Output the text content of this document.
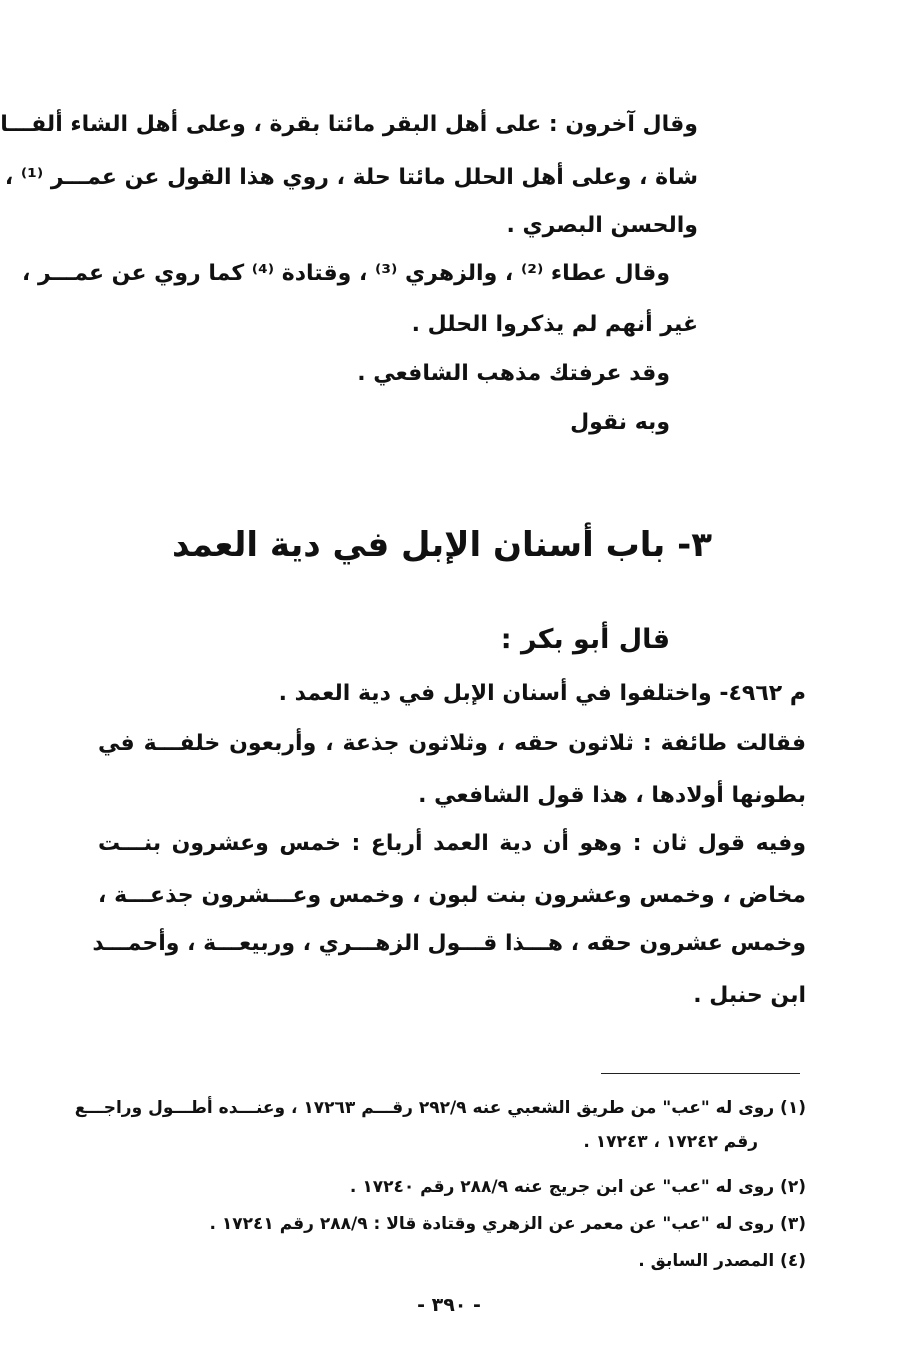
وقال آخرون : على أهل البقر مائتا بقرة ، وعلى أهل الشاء ألفـــا
شاة ، وعلى أهل الحلل مائتا حلة ، روي هذا القول عن عمـــر ⁽¹⁾ ،
والحسن البصري .
وقال عطاء ⁽²⁾ ، والزهري ⁽³⁾ ، وقتادة ⁽⁴⁾ كما روي عن عمـــر ،
غير أنهم لم يذكروا الحلل .
وقد عرفتك مذهب الشافعي .
وبه نقول
٣- باب أسنان الإبل في دية العمد
قال أبو بكر :
م ٤٩٦٢- واختلفوا في أسنان الإبل في دية العمد .
فقالت طائفة : ثلاثون حقه ، وثلاثون جذعة ، وأربعون خلفـــة في
بطونها أولادها ، هذا قول الشافعي .
وفيه قول ثان : وهو أن دية العمد أرباع : خمس وعشرون بنـــت
مخاض ، وخمس وعشرون بنت لبون ، وخمس وعـــشرون جذعـــة ،
وخمس عشرون حقه ، هـــذا قـــول الزهـــري ، وربيعـــة ، وأحمـــد
ابن حنبل .
(١) روى له "عب" من طريق الشعبي عنه ٢٩٢/٩ رقـــم ١٧٢٦٣ ، وعنـــده أطـــول وراجـــع
رقم ١٧٢٤٢ ، ١٧٢٤٣ .
(٢) روى له "عب" عن ابن جريج عنه ٢٨٨/٩ رقم ١٧٢٤٠ .
(٣) روى له "عب" عن معمر عن الزهري وقتادة قالا : ٢٨٨/٩ رقم ١٧٢٤١ .
(٤) المصدر السابق .
- ٣٩٠ -
